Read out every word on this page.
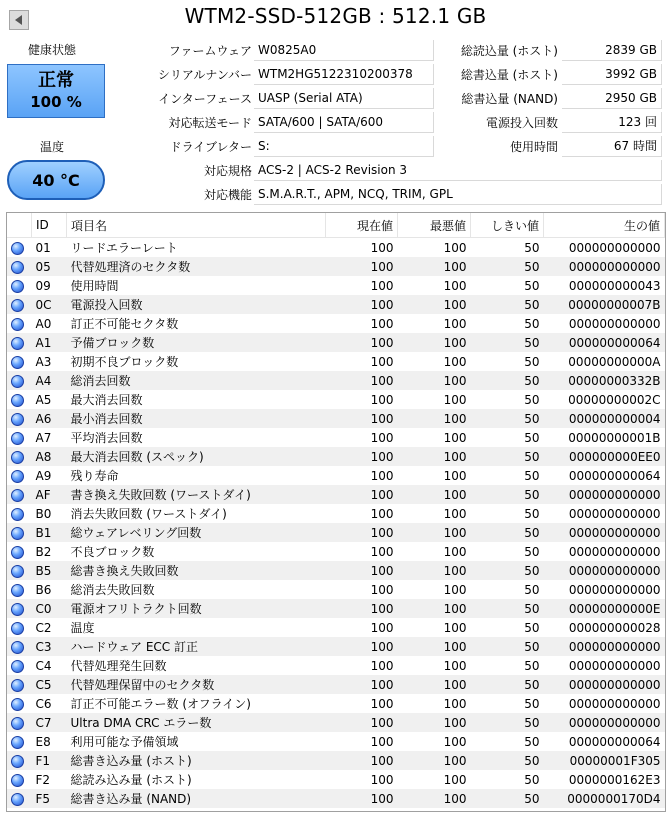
WTM2-SSD-512GB : 512.1 GB
健康状態
正常
100 %
温度
40 °C
ファームウェア W0825A0
シリアルナンバー WTM2HG5122310200378
インターフェース UASP (Serial ATA)
対応転送モード SATA/600 | SATA/600
ドライブレター S:
対応規格 ACS-2 | ACS-2 Revision 3
対応機能 S.M.A.R.T., APM, NCQ, TRIM, GPL
総読込量 (ホスト)	2839 GB
総書込量 (ホスト)	3992 GB
総書込量 (NAND)	2950 GB
電源投入回数	123 回
使用時間	67 時間
	ID	項目名	現在値	最悪値	しきい値	生の値
	01	リードエラーレート	100	100	50	000000000000
	05	代替処理済のセクタ数	100	100	50	000000000000
	09	使用時間	100	100	50	000000000043
	0C	電源投入回数	100	100	50	00000000007B
	A0	訂正不可能セクタ数	100	100	50	000000000000
	A1	予備ブロック数	100	100	50	000000000064
	A3	初期不良ブロック数	100	100	50	00000000000A
	A4	総消去回数	100	100	50	00000000332B
	A5	最大消去回数	100	100	50	00000000002C
	A6	最小消去回数	100	100	50	000000000004
	A7	平均消去回数	100	100	50	00000000001B
	A8	最大消去回数 (スペック)	100	100	50	000000000EE0
	A9	残り寿命	100	100	50	000000000064
	AF	書き換え失敗回数 (ワーストダイ)	100	100	50	000000000000
	B0	消去失敗回数 (ワーストダイ)	100	100	50	000000000000
	B1	総ウェアレベリング回数	100	100	50	000000000000
	B2	不良ブロック数	100	100	50	000000000000
	B5	総書き換え失敗回数	100	100	50	000000000000
	B6	総消去失敗回数	100	100	50	000000000000
	C0	電源オフリトラクト回数	100	100	50	00000000000E
	C2	温度	100	100	50	000000000028
	C3	ハードウェア ECC 訂正	100	100	50	000000000000
	C4	代替処理発生回数	100	100	50	000000000000
	C5	代替処理保留中のセクタ数	100	100	50	000000000000
	C6	訂正不可能エラー数 (オフライン)	100	100	50	000000000000
	C7	Ultra DMA CRC エラー数	100	100	50	000000000000
	E8	利用可能な予備領域	100	100	50	000000000064
	F1	総書き込み量 (ホスト)	100	100	50	00000001F305
	F2	総読み込み量 (ホスト)	100	100	50	0000000162E3
	F5	総書き込み量 (NAND)	100	100	50	0000000170D4
